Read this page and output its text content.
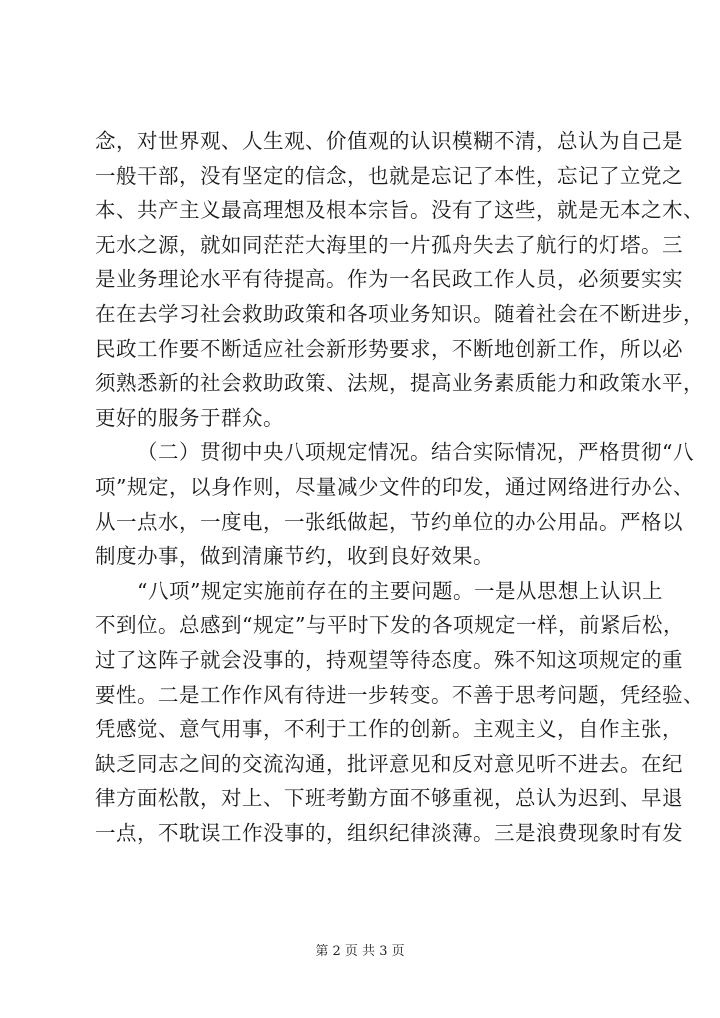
念，对世界观、人生观、价值观的认识模糊不清，总认为自己是
一般干部，没有坚定的信念，也就是忘记了本性，忘记了立党之
本、共产主义最高理想及根本宗旨。没有了这些，就是无本之木、
无水之源，就如同茫茫大海里的一片孤舟失去了航行的灯塔。三
是业务理论水平有待提高。作为一名民政工作人员，必须要实实
在在去学习社会救助政策和各项业务知识。随着社会在不断进步，
民政工作要不断适应社会新形势要求，不断地创新工作，所以必
须熟悉新的社会救助政策、法规，提高业务素质能力和政策水平，
更好的服务于群众。
（二）贯彻中央八项规定情况。结合实际情况，严格贯彻“八
项”规定，以身作则，尽量减少文件的印发，通过网络进行办公、
从一点水，一度电，一张纸做起，节约单位的办公用品。严格以
制度办事，做到清廉节约，收到良好效果。
“八项”规定实施前存在的主要问题。一是从思想上认识上
不到位。总感到“规定”与平时下发的各项规定一样，前紧后松，
过了这阵子就会没事的，持观望等待态度。殊不知这项规定的重
要性。二是工作作风有待进一步转变。不善于思考问题，凭经验、
凭感觉、意气用事，不利于工作的创新。主观主义，自作主张，
缺乏同志之间的交流沟通，批评意见和反对意见听不进去。在纪
律方面松散，对上、下班考勤方面不够重视，总认为迟到、早退
一点，不耽误工作没事的，组织纪律淡薄。三是浪费现象时有发
第 2 页 共 3 页
